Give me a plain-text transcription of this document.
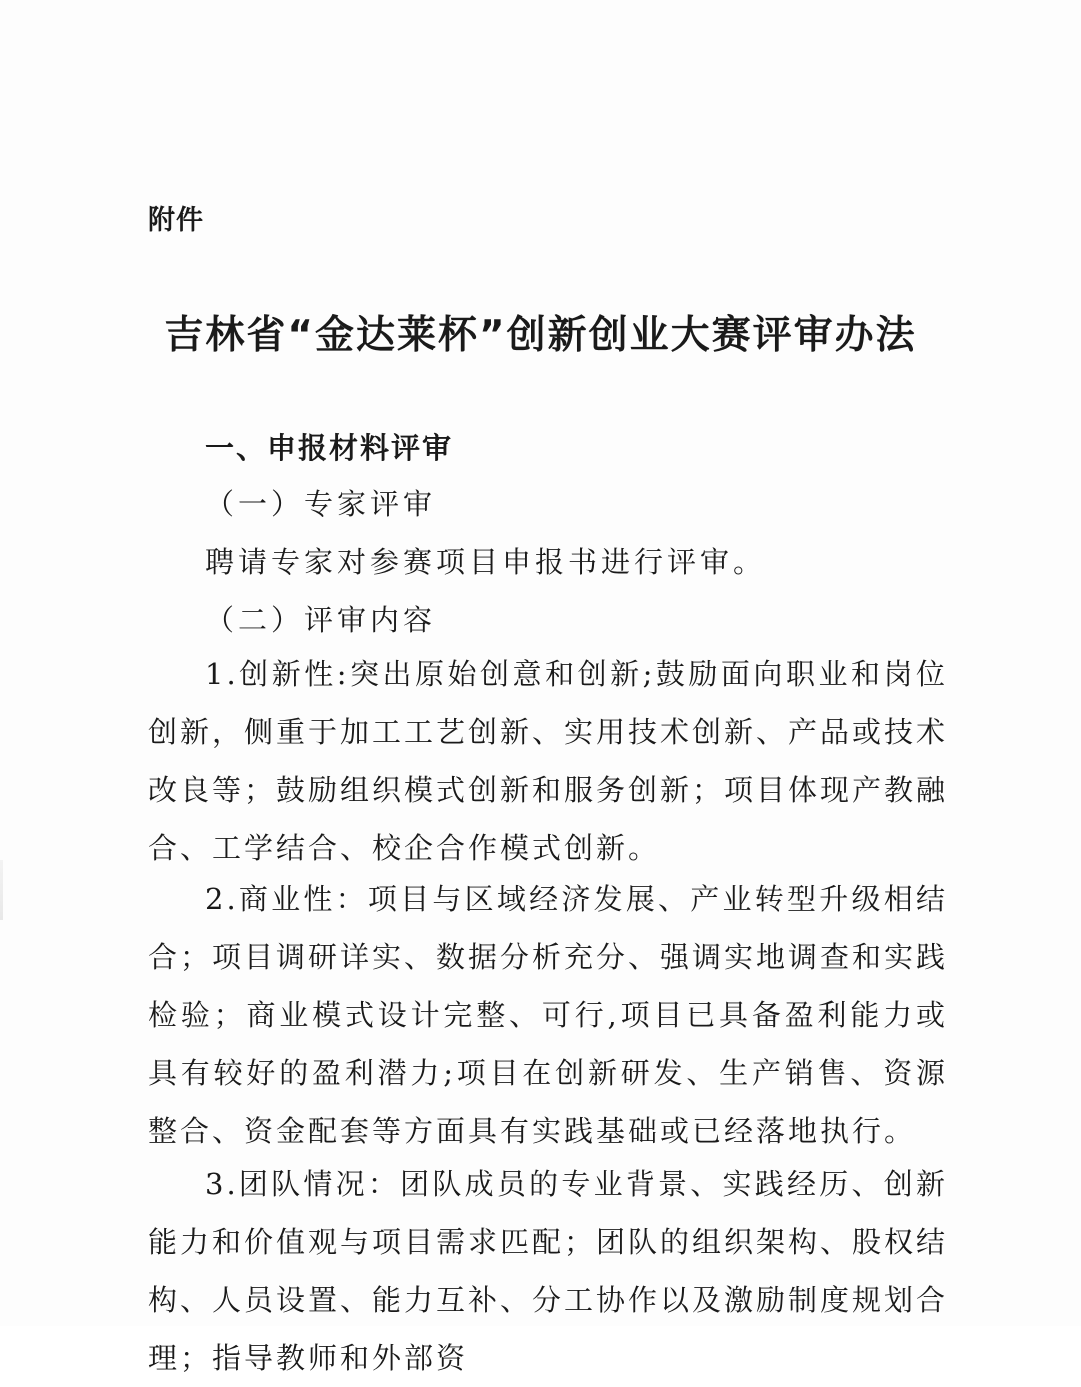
附件
吉林省“金达莱杯”创新创业大赛评审办法
一、申报材料评审
（一）专家评审
聘请专家对参赛项目申报书进行评审。
（二）评审内容
1.创新性:突出原始创意和创新;鼓励面向职业和岗位创新，侧重于加工工艺创新、实用技术创新、产品或技术改良等；鼓励组织模式创新和服务创新；项目体现产教融合、工学结合、校企合作模式创新。
2.商业性：项目与区域经济发展、产业转型升级相结合；项目调研详实、数据分析充分、强调实地调查和实践检验；商业模式设计完整、可行,项目已具备盈利能力或具有较好的盈利潜力;项目在创新研发、生产销售、资源整合、资金配套等方面具有实践基础或已经落地执行。
3.团队情况：团队成员的专业背景、实践经历、创新能力和价值观与项目需求匹配；团队的组织架构、股权结构、人员设置、能力互补、分工协作以及激励制度规划合理；指导教师和外部资
